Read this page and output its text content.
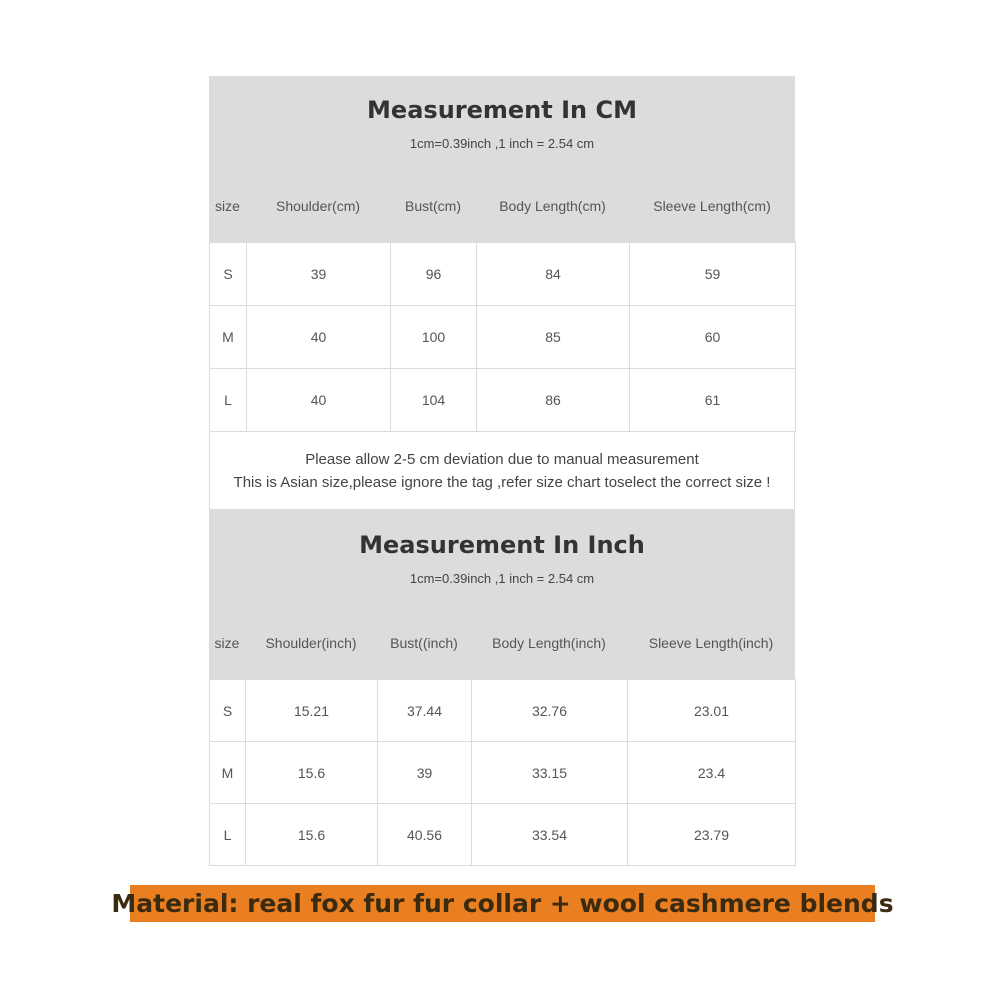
Measurement In CM
1cm=0.39inch ,1 inch = 2.54 cm
size	Shoulder(cm)	Bust(cm)	Body Length(cm)	Sleeve Length(cm)
S	39	96	84	59
M	40	100	85	60
L	40	104	86	61
Please allow 2-5 cm deviation due to manual measurement
This is Asian size,please ignore the tag ,refer size chart toselect the correct size !
Measurement In Inch
1cm=0.39inch ,1 inch = 2.54 cm
size	Shoulder(inch)	Bust((inch)	Body Length(inch)	Sleeve Length(inch)
S	15.21	37.44	32.76	23.01
M	15.6	39	33.15	23.4
L	15.6	40.56	33.54	23.79
Material: real fox fur fur collar + wool cashmere blends
